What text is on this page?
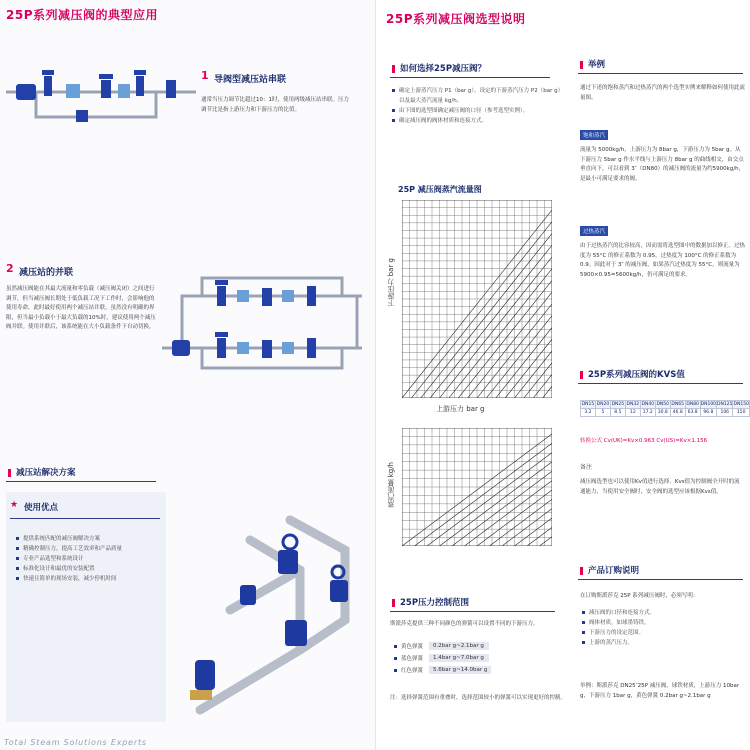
25P系列减压阀的典型应用
1 导阀型减压站串联
通常当压力调节比超过10：1时，使用两级减压站串联。压力调节比是指上游压力和下游压力的比值。
2 减压站的并联
虽然减压阀能在其最大流量和零负载（减压阀关闭）之间进行调节，但当减压阀长期处于低负载工况下工作时，会影响他的使用寿命，此时最好使用两个减压站并联。虽然没有明确的界限，但当最小负载小于最大负载的10%时，建议使用两个减压阀并联。使用并联后，该系统能在大小负载条件下自动切换。
减压站解决方案
★ 使用优点
提供系统匹配的减压阀解决方案
精确控制压力，提高工艺效率和产品质量
专业产品选型和系统设计
标准化设计和最优的安装配置
快速且简单的现场安装，减少停机时间
Total Steam Solutions Experts
25P系列减压阀选型说明
如何选择25P减压阀？
确定上游蒸汽压力 P1（bar g），设定的下游蒸汽压力 P2（bar g）以及最大蒸汽流量 kg/h。
由下图的选型图确定减压阀的口径（参考选型实例）。
确定减压阀的阀体材质和连接方式。
25P 减压阀蒸汽流量图
下游压力 bar g
上游压力 bar g
蒸汽流量 kg/h
25P压力控制范围
斯派莎克提供三种不同颜色的弹簧可以设置不同的下游压力。
黄色弹簧	0.2bar g~2.1bar g
蓝色弹簧	1.4bar g~7.0bar g
红色弹簧	5.6bar g~14.0bar g
注：选择弹簧范围有重叠时，选择范围较小的弹簧可以实现更好的控制。
举例
通过下述的饱和蒸汽和过热蒸汽的两个选型实例来解释如何使用此流量图。
饱和蒸汽
流量为 5000kg/h，上游压力为 8bar g，下游压力为 5bar g。从下游压力 5bar g 作水平线与上游压力 8bar g 的曲线相交，由交点垂直向下，可以看到 3″（DN80）的减压阀的流量为约5900kg/h，是最小可满足要求的阀。
过热蒸汽
由于过热蒸汽的比容较高，因而需将选型图中的数据加以修正。过热度为 55°C 的修正系数为 0.95，过热度为 100°C 的修正系数为 0.9。因此对于 3″ 的减压阀，如果蒸汽过热度为 55°C，则流量为 5900×0.95=5600kg/h，仍可满足的要求。
25P系列减压阀的KVS值
DN15	DN20	DN25	DN32	DN40	DN50	DN65	DN80	DN100	DN125	DN150
3.2	5	8.5	12	17.2	30.8	46.8	63.8	96.8	106	150
转换公式 Cv(UK)=Kv×0.963 Cv(US)=Kv×1.156
备注
减压阀选型也可以使用Kv值进行选择。Kvs值为控制阀全开时的流通能力，当使用安全阀时，安全阀的选型应该根据Kvs值。
产品订购说明
在订购斯派莎克 25P 系列减压阀时，必须写明：
减压阀的口径和连接方式。
阀体材质，如球墨铸铁。
下游压力的设定范围。
上游的蒸汽压力。
举例：斯派莎克 DN25″25P 减压阀，球铁材质，上游压力 10bar g，下游压力 1bar g，黄色弹簧 0.2bar g~2.1bar g
